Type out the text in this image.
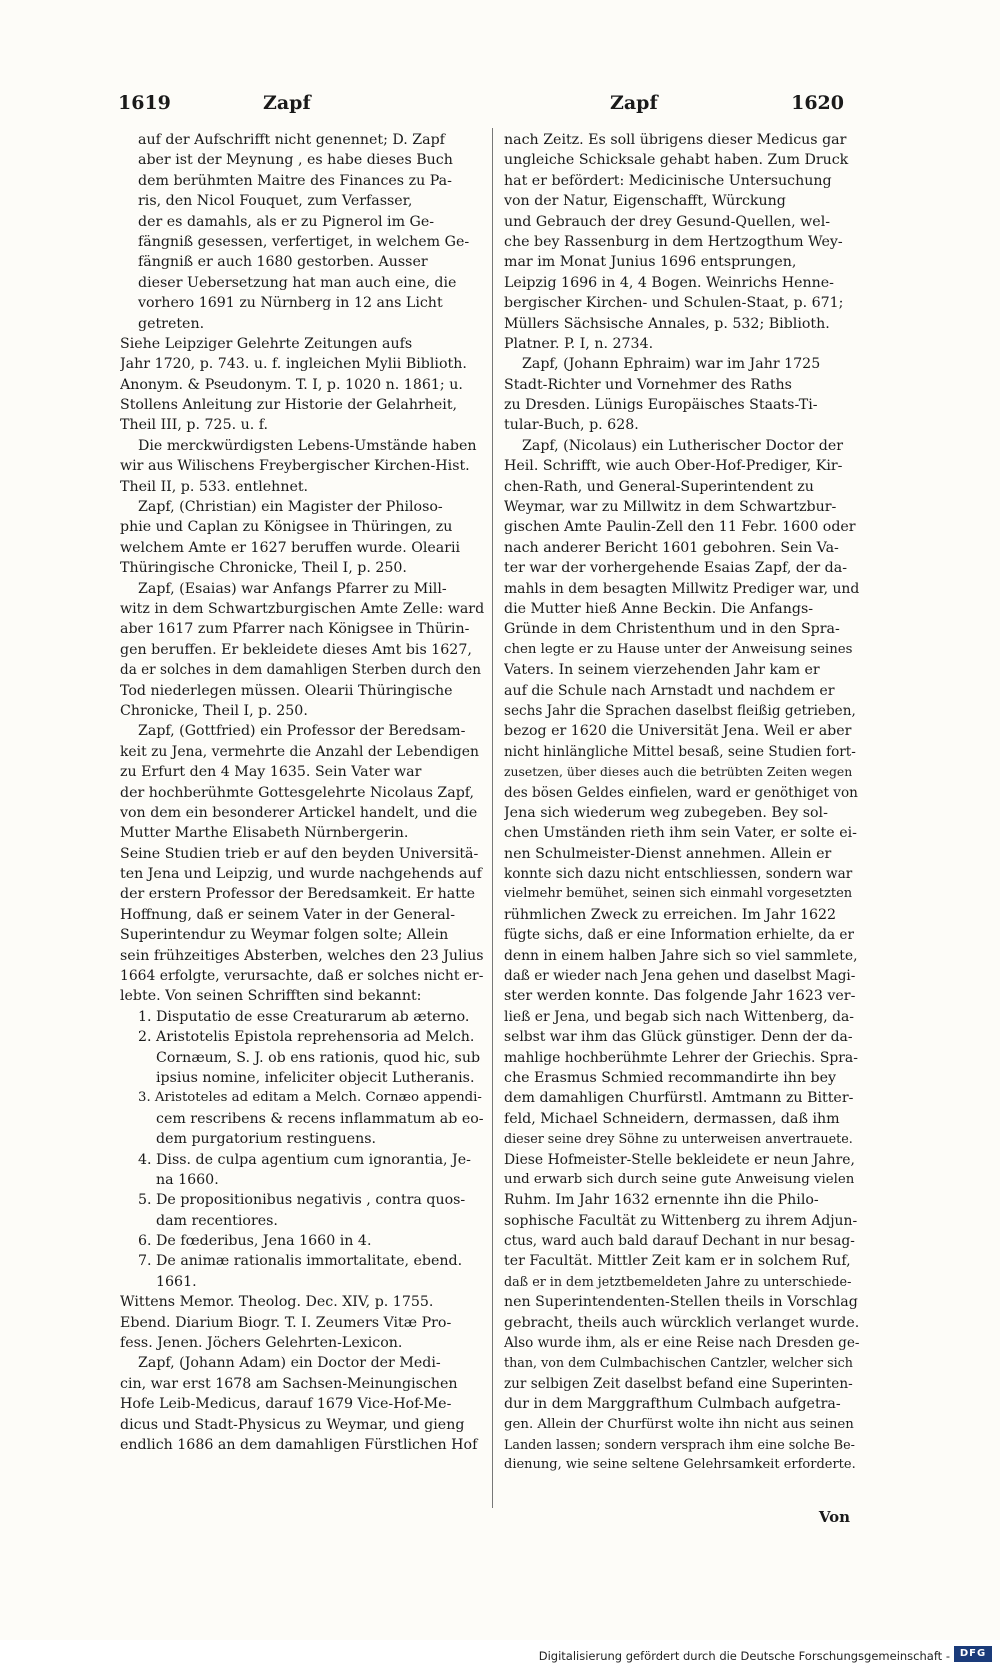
1619	Zapf	Zapf	1620
auf der Aufschrifft nicht genennet; D. Zapf
aber ist der Meynung , es habe dieses Buch
dem berühmten Maitre des Finances zu Pa-
ris, den Nicol Fouquet, zum Verfasser,
der es damahls, als er zu Pignerol im Ge-
fängniß gesessen, verfertiget, in welchem Ge-
fängniß er auch 1680 gestorben. Ausser
dieser Uebersetzung hat man auch eine, die
vorhero 1691 zu Nürnberg in 12 ans Licht
getreten.
Siehe Leipziger Gelehrte Zeitungen aufs
Jahr 1720, p. 743. u. f. ingleichen Mylii Biblioth.
Anonym. & Pseudonym. T. I, p. 1020 n. 1861; u.
Stollens Anleitung zur Historie der Gelahrheit,
Theil III, p. 725. u. f.
Die merckwürdigsten Lebens-Umstände haben
wir aus Wilischens Freybergischer Kirchen-Hist.
Theil II, p. 533. entlehnet.
Zapf, (Christian) ein Magister der Philoso-
phie und Caplan zu Königsee in Thüringen, zu
welchem Amte er 1627 beruffen wurde. Olearii
Thüringische Chronicke, Theil I, p. 250.
Zapf, (Esaias) war Anfangs Pfarrer zu Mill-
witz in dem Schwartzburgischen Amte Zelle: ward
aber 1617 zum Pfarrer nach Königsee in Thürin-
gen beruffen. Er bekleidete dieses Amt bis 1627,
da er solches in dem damahligen Sterben durch den
Tod niederlegen müssen. Olearii Thüringische
Chronicke, Theil I, p. 250.
Zapf, (Gottfried) ein Professor der Beredsam-
keit zu Jena, vermehrte die Anzahl der Lebendigen
zu Erfurt den 4 May 1635. Sein Vater war
der hochberühmte Gottesgelehrte Nicolaus Zapf,
von dem ein besonderer Artickel handelt, und die
Mutter Marthe Elisabeth Nürnbergerin.
Seine Studien trieb er auf den beyden Universitä-
ten Jena und Leipzig, und wurde nachgehends auf
der erstern Professor der Beredsamkeit. Er hatte
Hoffnung, daß er seinem Vater in der General-
Superintendur zu Weymar folgen solte; Allein
sein frühzeitiges Absterben, welches den 23 Julius
1664 erfolgte, verursachte, daß er solches nicht er-
lebte. Von seinen Schrifften sind bekannt:
1. Disputatio de esse Creaturarum ab æterno.
2. Aristotelis Epistola reprehensoria ad Melch.
Cornæum, S. J. ob ens rationis, quod hic, sub
ipsius nomine, infeliciter objecit Lutheranis.
3. Aristoteles ad editam a Melch. Cornæo appendi-
cem rescribens & recens inflammatum ab eo-
dem purgatorium restinguens.
4. Diss. de culpa agentium cum ignorantia, Je-
na 1660.
5. De propositionibus negativis , contra quos-
dam recentiores.
6. De fœderibus, Jena 1660 in 4.
7. De animæ rationalis immortalitate, ebend.
1661.
Wittens Memor. Theolog. Dec. XIV, p. 1755.
Ebend. Diarium Biogr. T. I. Zeumers Vitæ Pro-
fess. Jenen. Jöchers Gelehrten-Lexicon.
Zapf, (Johann Adam) ein Doctor der Medi-
cin, war erst 1678 am Sachsen-Meinungischen
Hofe Leib-Medicus, darauf 1679 Vice-Hof-Me-
dicus und Stadt-Physicus zu Weymar, und gieng
endlich 1686 an dem damahligen Fürstlichen Hof
nach Zeitz. Es soll übrigens dieser Medicus gar
ungleiche Schicksale gehabt haben. Zum Druck
hat er befördert: Medicinische Untersuchung
von der Natur, Eigenschafft, Würckung
und Gebrauch der drey Gesund-Quellen, wel-
che bey Rassenburg in dem Hertzogthum Wey-
mar im Monat Junius 1696 entsprungen,
Leipzig 1696 in 4, 4 Bogen. Weinrichs Henne-
bergischer Kirchen- und Schulen-Staat, p. 671;
Müllers Sächsische Annales, p. 532; Biblioth.
Platner. P. I, n. 2734.
Zapf, (Johann Ephraim) war im Jahr 1725
Stadt-Richter und Vornehmer des Raths
zu Dresden. Lünigs Europäisches Staats-Ti-
tular-Buch, p. 628.
Zapf, (Nicolaus) ein Lutherischer Doctor der
Heil. Schrifft, wie auch Ober-Hof-Prediger, Kir-
chen-Rath, und General-Superintendent zu
Weymar, war zu Millwitz in dem Schwartzbur-
gischen Amte Paulin-Zell den 11 Febr. 1600 oder
nach anderer Bericht 1601 gebohren. Sein Va-
ter war der vorhergehende Esaias Zapf, der da-
mahls in dem besagten Millwitz Prediger war, und
die Mutter hieß Anne Beckin. Die Anfangs-
Gründe in dem Christenthum und in den Spra-
chen legte er zu Hause unter der Anweisung seines
Vaters. In seinem vierzehenden Jahr kam er
auf die Schule nach Arnstadt und nachdem er
sechs Jahr die Sprachen daselbst fleißig getrieben,
bezog er 1620 die Universität Jena. Weil er aber
nicht hinlängliche Mittel besaß, seine Studien fort-
zusetzen, über dieses auch die betrübten Zeiten wegen
des bösen Geldes einfielen, ward er genöthiget von
Jena sich wiederum weg zubegeben. Bey sol-
chen Umständen rieth ihm sein Vater, er solte ei-
nen Schulmeister-Dienst annehmen. Allein er
konnte sich dazu nicht entschliessen, sondern war
vielmehr bemühet, seinen sich einmahl vorgesetzten
rühmlichen Zweck zu erreichen. Im Jahr 1622
fügte sichs, daß er eine Information erhielte, da er
denn in einem halben Jahre sich so viel sammlete,
daß er wieder nach Jena gehen und daselbst Magi-
ster werden konnte. Das folgende Jahr 1623 ver-
ließ er Jena, und begab sich nach Wittenberg, da-
selbst war ihm das Glück günstiger. Denn der da-
mahlige hochberühmte Lehrer der Griechis. Spra-
che Erasmus Schmied recommandirte ihn bey
dem damahligen Churfürstl. Amtmann zu Bitter-
feld, Michael Schneidern, dermassen, daß ihm
dieser seine drey Söhne zu unterweisen anvertrauete.
Diese Hofmeister-Stelle bekleidete er neun Jahre,
und erwarb sich durch seine gute Anweisung vielen
Ruhm. Im Jahr 1632 ernennte ihn die Philo-
sophische Facultät zu Wittenberg zu ihrem Adjun-
ctus, ward auch bald darauf Dechant in nur besag-
ter Facultät. Mittler Zeit kam er in solchem Ruf,
daß er in dem jetztbemeldeten Jahre zu unterschiede-
nen Superintendenten-Stellen theils in Vorschlag
gebracht, theils auch würcklich verlanget wurde.
Also wurde ihm, als er eine Reise nach Dresden ge-
than, von dem Culmbachischen Cantzler, welcher sich
zur selbigen Zeit daselbst befand eine Superinten-
dur in dem Marggrafthum Culmbach aufgetra-
gen. Allein der Churfürst wolte ihn nicht aus seinen
Landen lassen; sondern versprach ihm eine solche Be-
dienung, wie seine seltene Gelehrsamkeit erforderte.
Von
Digitalisierung gefördert durch die Deutsche Forschungsgemeinschaft - DFG
